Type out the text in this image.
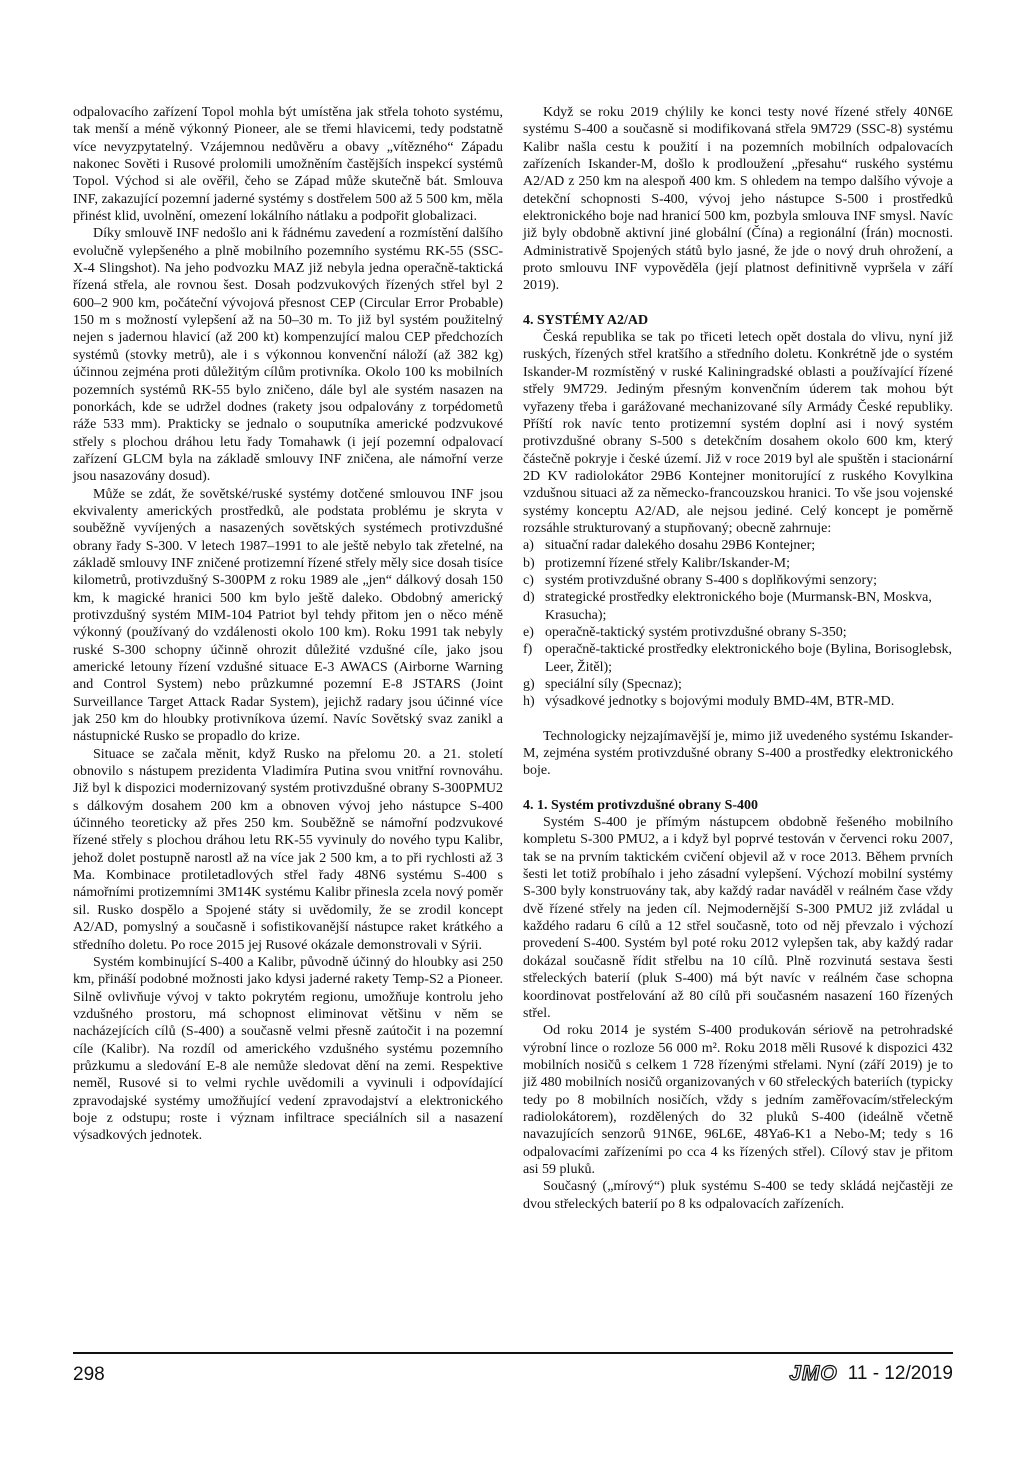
odpalovacího zařízení Topol mohla být umístěna jak střela tohoto systému, tak menší a méně výkonný Pioneer, ale se třemi hlavicemi, tedy podstatně více nevyzpytatelný. Vzájemnou nedůvěru a obavy „vítězného“ Západu nakonec Sověti i Rusové prolomili umožněním častějších inspekcí systémů Topol. Východ si ale ověřil, čeho se Západ může skutečně bát. Smlouva INF, zakazující pozemní jaderné systémy s dostřelem 500 až 5 500 km, měla přinést klid, uvolnění, omezení lokálního nátlaku a podpořit globalizaci.

Díky smlouvě INF nedošlo ani k řádnému zavedení a rozmístění dalšího evolučně vylepšeného a plně mobilního pozemního systému RK-55 (SSC-X-4 Slingshot). Na jeho podvozku MAZ již nebyla jedna operačně-taktická řízená střela, ale rovnou šest. Dosah podzvukových řízených střel byl 2 600–2 900 km, počáteční vývojová přesnost CEP (Circular Error Probable) 150 m s možností vylepšení až na 50–30 m. To již byl systém použitelný nejen s jadernou hlavicí (až 200 kt) kompenzující malou CEP předchozích systémů (stovky metrů), ale i s výkonnou konvenční náloží (až 382 kg) účinnou zejména proti důležitým cílům protivníka. Okolo 100 ks mobilních pozemních systémů RK-55 bylo zničeno, dále byl ale systém nasazen na ponorkách, kde se udržel dodnes (rakety jsou odpalovány z torpédometů ráže 533 mm). Prakticky se jednalo o souputníka americké podzvukové střely s plochou dráhou letu řady Tomahawk (i její pozemní odpalovací zařízení GLCM byla na základě smlouvy INF zničena, ale námořní verze jsou nasazovány dosud).

Může se zdát, že sovětské/ruské systémy dotčené smlouvou INF jsou ekvivalenty amerických prostředků, ale podstata problému je skryta v souběžně vyvíjených a nasazených sovětských systémech protivzdušné obrany řady S-300. V letech 1987–1991 to ale ještě nebylo tak zřetelné, na základě smlouvy INF zničené protizemní řízené střely měly sice dosah tisíce kilometrů, protivzdušný S-300PM z roku 1989 ale „jen“ dálkový dosah 150 km, k magické hranici 500 km bylo ještě daleko. Obdobný americký protivzdušný systém MIM-104 Patriot byl tehdy přitom jen o něco méně výkonný (používaný do vzdálenosti okolo 100 km). Roku 1991 tak nebyly ruské S-300 schopny účinně ohrozit důležité vzdušné cíle, jako jsou americké letouny řízení vzdušné situace E-3 AWACS (Airborne Warning and Control System) nebo průzkumné pozemní E-8 JSTARS (Joint Surveillance Target Attack Radar System), jejichž radary jsou účinné více jak 250 km do hloubky protivníkova území. Navíc Sovětský svaz zanikl a nástupnické Rusko se propadlo do krize.

Situace se začala měnit, když Rusko na přelomu 20. a 21. století obnovilo s nástupem prezidenta Vladimíra Putina svou vnitřní rovnováhu. Již byl k dispozici modernizovaný systém protivzdušné obrany S-300PMU2 s dálkovým dosahem 200 km a obnoven vývoj jeho nástupce S-400 účinného teoreticky až přes 250 km. Souběžně se námořní podzvukové řízené střely s plochou dráhou letu RK-55 vyvinuly do nového typu Kalibr, jehož dolet postupně narostl až na více jak 2 500 km, a to při rychlosti až 3 Ma. Kombinace protiletadlových střel řady 48N6 systému S-400 s námořními protizemními 3M14K systému Kalibr přinesla zcela nový poměr sil. Rusko dospělo a Spojené státy si uvědomily, že se zrodil koncept A2/AD, pomyslný a současně i sofistikovanější nástupce raket krátkého a středního doletu. Po roce 2015 jej Rusové okázale demonstrovali v Sýrii.

Systém kombinující S-400 a Kalibr, původně účinný do hloubky asi 250 km, přináší podobné možnosti jako kdysi jaderné rakety Temp-S2 a Pioneer. Silně ovlivňuje vývoj v takto pokrytém regionu, umožňuje kontrolu jeho vzdušného prostoru, má schopnost eliminovat většinu v něm se nacházejících cílů (S-400) a současně velmi přesně zaútočit i na pozemní cíle (Kalibr). Na rozdíl od amerického vzdušného systému pozemního průzkumu a sledování E-8 ale nemůže sledovat dění na zemi. Respektive neměl, Rusové si to velmi rychle uvědomili a vyvinuli i odpovídající zpravodajské systémy umožňující vedení zpravodajství a elektronického boje z odstupu; roste i význam infiltrace speciálních sil a nasazení výsadkových jednotek.

Když se roku 2019 chýlily ke konci testy nové řízené střely 40N6E systému S-400 a současně si modifikovaná střela 9M729 (SSC-8) systému Kalibr našla cestu k použití i na pozemních mobilních odpalovacích zařízeních Iskander-M, došlo k prodloužení „přesahu“ ruského systému A2/AD z 250 km na alespoň 400 km. S ohledem na tempo dalšího vývoje a detekční schopnosti S-400, vývoj jeho nástupce S-500 i prostředků elektronického boje nad hranicí 500 km, pozbyla smlouva INF smysl. Navíc již byly obdobně aktivní jiné globální (Čína) a regionální (Írán) mocnosti. Administrativě Spojených států bylo jasné, že jde o nový druh ohrožení, a proto smlouvu INF vypověděla (její platnost definitivně vypršela v září 2019).

4. SYSTÉMY A2/AD

Česká republika se tak po třiceti letech opět dostala do vlivu, nyní již ruských, řízených střel kratšího a středního doletu. Konkrétně jde o systém Iskander-M rozmístěný v ruské Kaliningradské oblasti a používající řízené střely 9M729. Jediným přesným konvenčním úderem tak mohou být vyřazeny třeba i garážované mechanizované síly Armády České republiky. Příští rok navíc tento protizemní systém doplní asi i nový systém protivzdušné obrany S-500 s detekčním dosahem okolo 600 km, který částečně pokryje i české území. Již v roce 2019 byl ale spuštěn i stacionární 2D KV radiolokátor 29B6 Kontejner monitorující z ruského Kovylkina vzdušnou situaci až za německo-francouzskou hranici. To vše jsou vojenské systémy konceptu A2/AD, ale nejsou jediné. Celý koncept je poměrně rozsáhle strukturovaný a stupňovaný; obecně zahrnuje:

a) situační radar dalekého dosahu 29B6 Kontejner;
b) protizemní řízené střely Kalibr/Iskander-M;
c) systém protivzdušné obrany S-400 s doplňkovými senzory;
d) strategické prostředky elektronického boje (Murmansk-BN, Moskva, Krasucha);
e) operačně-taktický systém protivzdušné obrany S-350;
f) operačně-taktické prostředky elektronického boje (Bylina, Borisoglebsk, Leer, Žitěl);
g) speciální síly (Specnaz);
h) výsadkové jednotky s bojovými moduly BMD-4M, BTR-MD.

Technologicky nejzajímavější je, mimo již uvedeného systému Iskander-M, zejména systém protivzdušné obrany S-400 a prostředky elektronického boje.

4. 1. Systém protivzdušné obrany S-400

Systém S-400 je přímým nástupcem obdobně řešeného mobilního kompletu S-300 PMU2, a i když byl poprvé testován v červenci roku 2007, tak se na prvním taktickém cvičení objevil až v roce 2013. Během prvních šesti let totiž probíhalo i jeho zásadní vylepšení. Výchozí mobilní systémy S-300 byly konstruovány tak, aby každý radar naváděl v reálném čase vždy dvě řízené střely na jeden cíl. Nejmodernější S-300 PMU2 již zvládal u každého radaru 6 cílů a 12 střel současně, toto od něj převzalo i výchozí provedení S-400. Systém byl poté roku 2012 vylepšen tak, aby každý radar dokázal současně řídit střelbu na 10 cílů. Plně rozvinutá sestava šesti střeleckých baterií (pluk S-400) má být navíc v reálném čase schopna koordinovat postřelování až 80 cílů při současném nasazení 160 řízených střel.

Od roku 2014 je systém S-400 produkován sériově na petrohradské výrobní lince o rozloze 56 000 m². Roku 2018 měli Rusové k dispozici 432 mobilních nosičů s celkem 1 728 řízenými střelami. Nyní (září 2019) je to již 480 mobilních nosičů organizovaných v 60 střeleckých bateriích (typicky tedy po 8 mobilních nosičích, vždy s jedním zaměřovacím/střeleckým radiolokátorem), rozdělených do 32 pluků S-400 (ideálně včetně navazujících senzorů 91N6E, 96L6E, 48Ya6-K1 a Nebo-M; tedy s 16 odpalovacími zařízeními po cca 4 ks řízených střel). Cílový stav je přitom asi 59 pluků.

Současný („mírový“) pluk systému S-400 se tedy skládá nejčastěji ze dvou střeleckých baterií po 8 ks odpalovacích zařízeních.

298	JMO 11 - 12/2019
